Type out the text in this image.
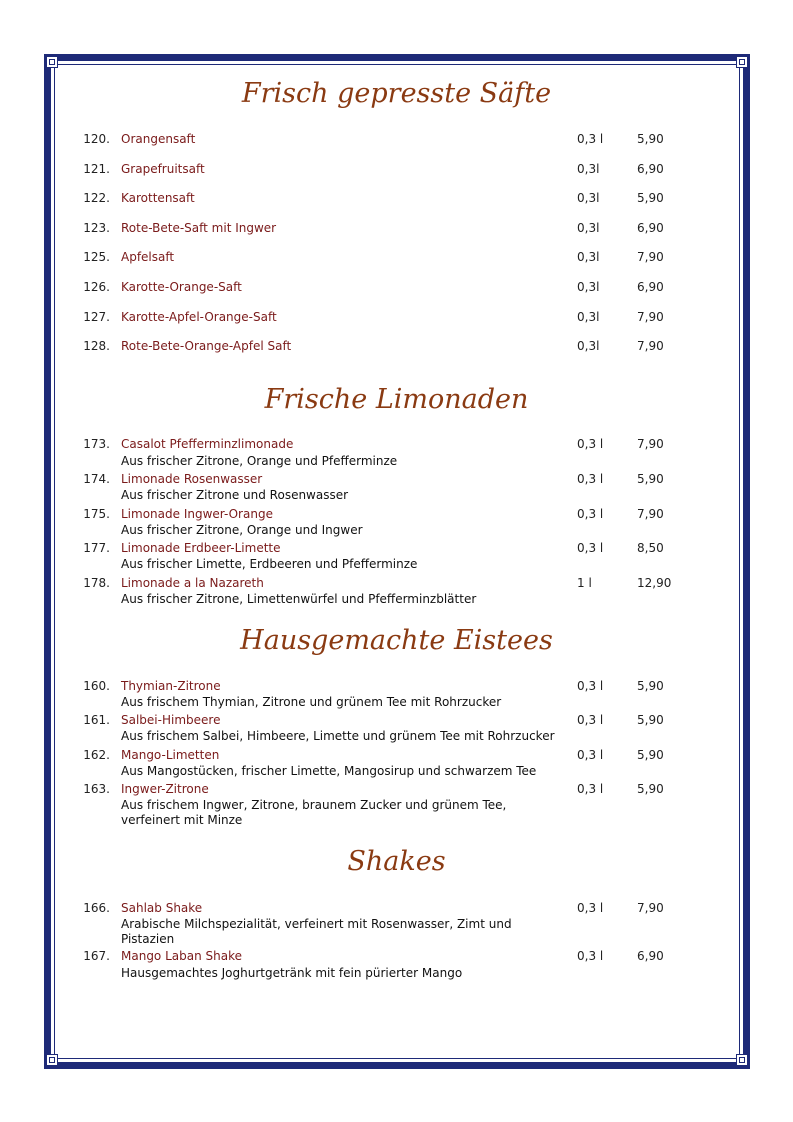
Frisch gepresste Säfte
120. Orangensaft	0,3 l	5,90
121. Grapefruitsaft	0,3l	6,90
122. Karottensaft	0,3l	5,90
123. Rote-Bete-Saft mit Ingwer	0,3l	6,90
125. Apfelsaft	0,3l	7,90
126. Karotte-Orange-Saft	0,3l	6,90
127. Karotte-Apfel-Orange-Saft	0,3l	7,90
128. Rote-Bete-Orange-Apfel Saft	0,3l	7,90
Frische Limonaden
173. Casalot Pfefferminzlimonade	0,3 l	7,90
Aus frischer Zitrone, Orange und Pfefferminze
174. Limonade Rosenwasser	0,3 l	5,90
Aus frischer Zitrone und Rosenwasser
175. Limonade Ingwer-Orange	0,3 l	7,90
Aus frischer Zitrone, Orange und Ingwer
177. Limonade Erdbeer-Limette	0,3 l	8,50
Aus frischer Limette, Erdbeeren und Pfefferminze
178. Limonade a la Nazareth	1 l	12,90
Aus frischer Zitrone, Limettenwürfel und Pfefferminzblätter
Hausgemachte Eistees
160. Thymian-Zitrone	0,3 l	5,90
Aus frischem Thymian, Zitrone und grünem Tee mit Rohrzucker
161. Salbei-Himbeere	0,3 l	5,90
Aus frischem Salbei, Himbeere, Limette und grünem Tee mit Rohrzucker
162. Mango-Limetten	0,3 l	5,90
Aus Mangostücken, frischer Limette, Mangosirup und schwarzem Tee
163. Ingwer-Zitrone	0,3 l	5,90
Aus frischem Ingwer, Zitrone, braunem Zucker und grünem Tee, verfeinert mit Minze
Shakes
166. Sahlab Shake	0,3 l	7,90
Arabische Milchspezialität, verfeinert mit Rosenwasser, Zimt und Pistazien
167. Mango Laban Shake	0,3 l	6,90
Hausgemachtes Joghurtgetränk mit fein pürierter Mango
